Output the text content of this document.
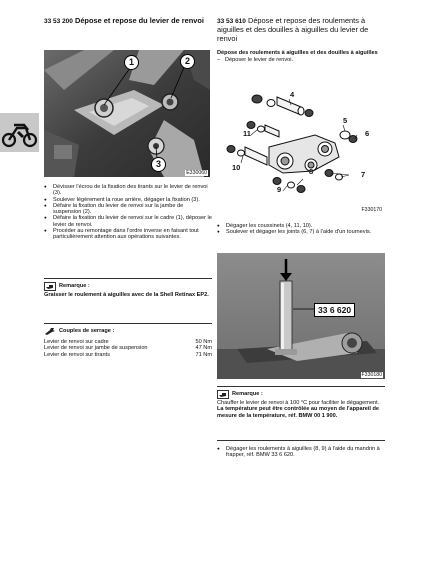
33 53 200 Dépose et repose du levier de renvoi
1	2
3
E330060
● Dévisser l'écrou de la fixation des tirants sur le levier de renvoi (3).
● Soulever légèrement la roue arrière, dégager la fixation (3).
● Défaire la fixation du levier de renvoi sur la jambe de suspension (2).
● Défaire la fixation du levier de renvoi sur le cadre (1), déposer le levier de renvoi.
● Procéder au remontage dans l'ordre inverse en faisant tout particulièrement attention aux opérations suivantes.
Remarque :
Graisser le roulement à aiguilles avec de la Shell Retinax EP2.
Couples de serrage :
Levier de renvoi sur cadre	50 Nm
Levier de renvoi sur jambe de suspension	47 Nm
Levier de renvoi sur tirants	71 Nm
33 53 610 Dépose et repose des roulements à aiguilles et des douilles à aiguilles du levier de renvoi
Dépose des roulements à aiguilles et des douilles à aiguilles
– Déposer le levier de renvoi.
4
5
6
7
8
9
10
11
F330170
● Dégager les coussinets (4, 11, 10).
● Soulever et dégager les joints (6, 7) à l'aide d'un tournevis.
33 6 620
F330180
Remarque :
Chauffer le levier de renvoi à 100 °C pour faciliter le dégagement.
La température peut être contrôlée au moyen de l'appareil de mesure de la température, réf. BMW 00 1 900.
● Dégager les roulements à aiguilles (8, 9) à l'aide du mandrin à frapper, réf. BMW 33 6 620.
